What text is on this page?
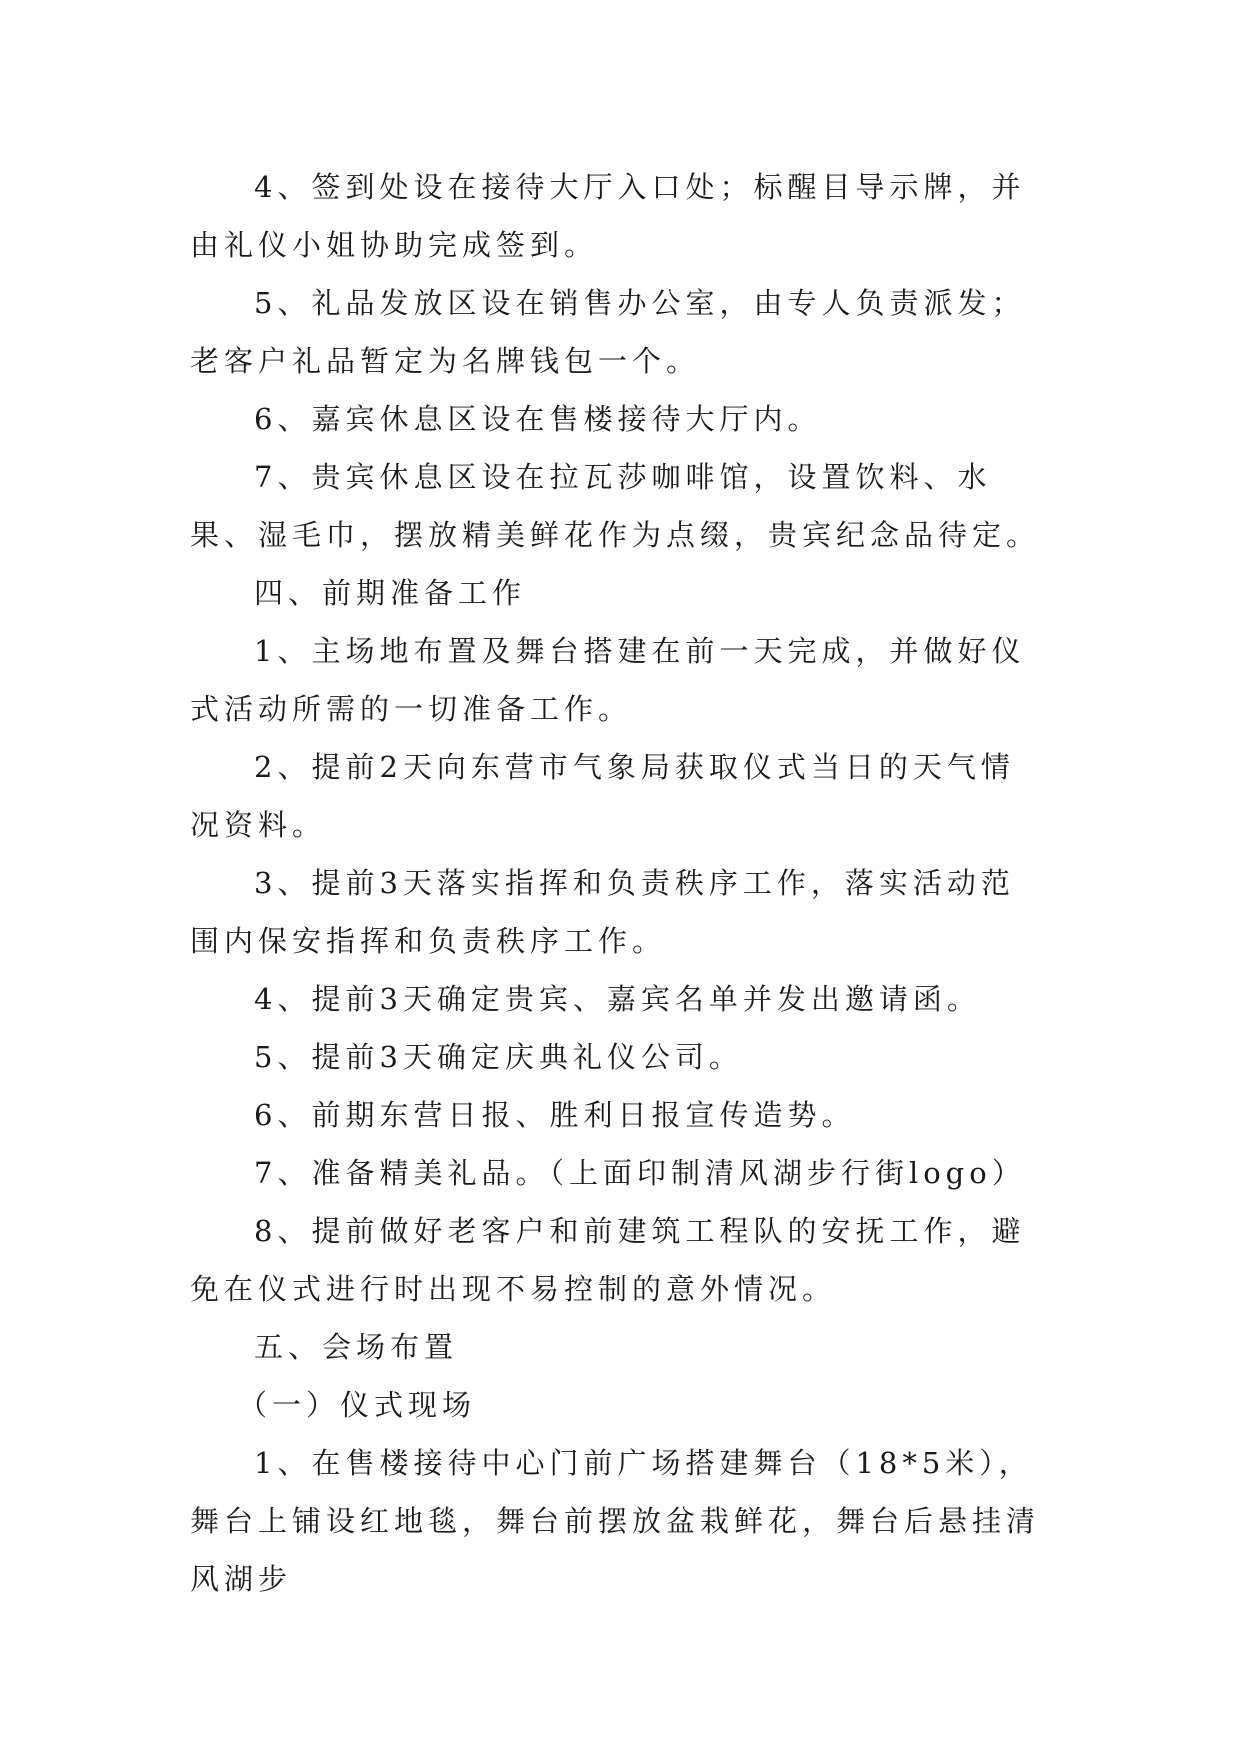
4、签到处设在接待大厅入口处；标醒目导示牌，并由礼仪小姐协助完成签到。

5、礼品发放区设在销售办公室，由专人负责派发；老客户礼品暂定为名牌钱包一个。

6、嘉宾休息区设在售楼接待大厅内。

7、贵宾休息区设在拉瓦莎咖啡馆，设置饮料、水果、湿毛巾，摆放精美鲜花作为点缀，贵宾纪念品待定。

四、前期准备工作

1、主场地布置及舞台搭建在前一天完成，并做好仪式活动所需的一切准备工作。

2、提前2天向东营市气象局获取仪式当日的天气情况资料。

3、提前3天落实指挥和负责秩序工作，落实活动范围内保安指挥和负责秩序工作。

4、提前3天确定贵宾、嘉宾名单并发出邀请函。

5、提前3天确定庆典礼仪公司。

6、前期东营日报、胜利日报宣传造势。

7、准备精美礼品。（上面印制清风湖步行街logo）

8、提前做好老客户和前建筑工程队的安抚工作，避免在仪式进行时出现不易控制的意外情况。

五、会场布置

（一）仪式现场

1、在售楼接待中心门前广场搭建舞台（18*5米），舞台上铺设红地毯，舞台前摆放盆栽鲜花，舞台后悬挂清风湖步
